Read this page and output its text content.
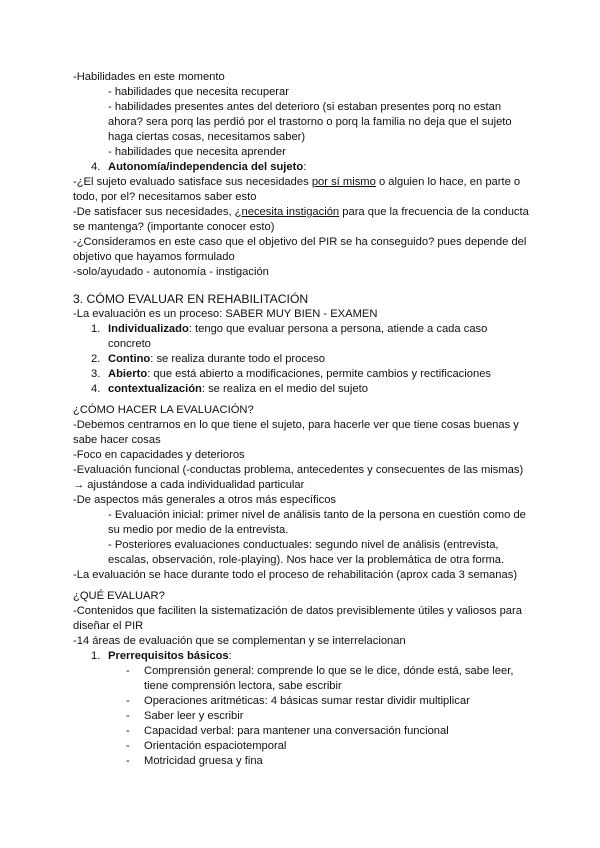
-Habilidades en este momento
- habilidades que necesita recuperar
- habilidades presentes antes del deterioro (si estaban presentes porq no estan
ahora? sera porq las perdió por el trastorno o porq la familia no deja que el sujeto
haga ciertas cosas, necesitamos saber)
- habilidades que necesita aprender
4. Autonomía/independencia del sujeto:
-¿El sujeto evaluado satisface sus necesidades por sí mismo o alguien lo hace, en parte o
todo, por el? necesitamos saber esto
-De satisfacer sus necesidades, ¿necesita instigación para que la frecuencia de la conducta
se mantenga? (importante conocer esto)
-¿Consideramos en este caso que el objetivo del PIR se ha conseguido? pues depende del
objetivo que hayamos formulado
-solo/ayudado - autonomía - instigación
3. CÓMO EVALUAR EN REHABILITACIÓN
-La evaluación es un proceso: SABER MUY BIEN - EXAMEN
1. Individualizado: tengo que evaluar persona a persona, atiende a cada caso
concreto
2. Contino: se realiza durante todo el proceso
3. Abierto: que está abierto a modificaciones, permite cambios y rectificaciones
4. contextualización: se realiza en el medio del sujeto
¿CÓMO HACER LA EVALUACIÓN?
-Debemos centrarnos en lo que tiene el sujeto, para hacerle ver que tiene cosas buenas y
sabe hacer cosas
-Foco en capacidades y deterioros
-Evaluación funcional (-conductas problema, antecedentes y consecuentes de las mismas)
→ ajustándose a cada individualidad particular
-De aspectos más generales a otros más específicos
- Evaluación inicial: primer nivel de análisis tanto de la persona en cuestión como de
su medio por medio de la entrevista.
- Posteriores evaluaciones conductuales: segundo nivel de análisis (entrevista,
escalas, observación, role-playing). Nos hace ver la problemática de otra forma.
-La evaluación se hace durante todo el proceso de rehabilitación (aprox cada 3 semanas)
¿QUÉ EVALUAR?
-Contenidos que faciliten la sistematización de datos previsiblemente útiles y valiosos para
diseñar el PIR
-14 áreas de evaluación que se complementan y se interrelacionan
1. Prerrequisitos básicos:
- Comprensión general: comprende lo que se le dice, dónde está, sabe leer,
tiene comprensión lectora, sabe escribir
- Operaciones aritméticas: 4 básicas sumar restar dividir multiplicar
- Saber leer y escribir
- Capacidad verbal: para mantener una conversación funcional
- Orientación espaciotemporal
- Motricidad gruesa y fina
